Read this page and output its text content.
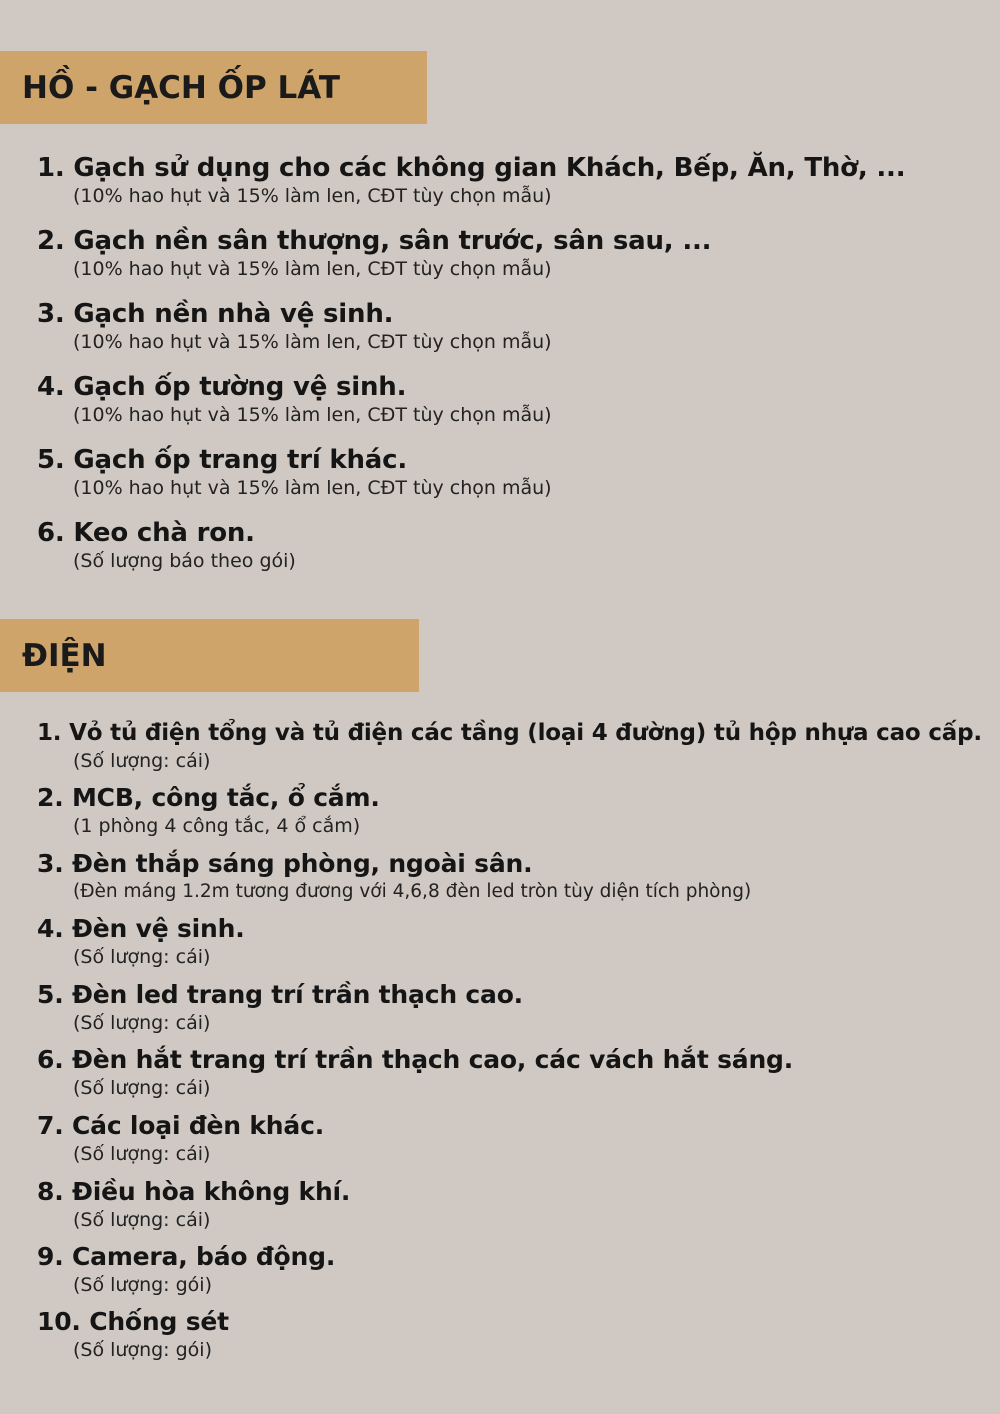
HỒ - GẠCH ỐP LÁT
1. Gạch sử dụng cho các không gian Khách, Bếp, Ăn, Thờ, ...
(10% hao hụt và 15% làm len, CĐT tùy chọn mẫu)
2. Gạch nền sân thượng, sân trước, sân sau, ...
(10% hao hụt và 15% làm len, CĐT tùy chọn mẫu)
3. Gạch nền nhà vệ sinh.
(10% hao hụt và 15% làm len, CĐT tùy chọn mẫu)
4. Gạch ốp tường vệ sinh.
(10% hao hụt và 15% làm len, CĐT tùy chọn mẫu)
5. Gạch ốp trang trí khác.
(10% hao hụt và 15% làm len, CĐT tùy chọn mẫu)
6. Keo chà ron.
(Số lượng báo theo gói)
ĐIỆN
1. Vỏ tủ điện tổng và tủ điện các tầng (loại 4 đường) tủ hộp nhựa cao cấp.
(Số lượng: cái)
2. MCB, công tắc, ổ cắm.
(1 phòng 4 công tắc, 4 ổ cắm)
3. Đèn thắp sáng phòng, ngoài sân.
(Đèn máng 1.2m tương đương với 4,6,8 đèn led tròn tùy diện tích phòng)
4. Đèn vệ sinh.
(Số lượng: cái)
5. Đèn led trang trí trần thạch cao.
(Số lượng: cái)
6. Đèn hắt trang trí trần thạch cao, các vách hắt sáng.
(Số lượng: cái)
7. Các loại đèn khác.
(Số lượng: cái)
8. Điều hòa không khí.
(Số lượng: cái)
9. Camera, báo động.
(Số lượng: gói)
10. Chống sét
(Số lượng: gói)
